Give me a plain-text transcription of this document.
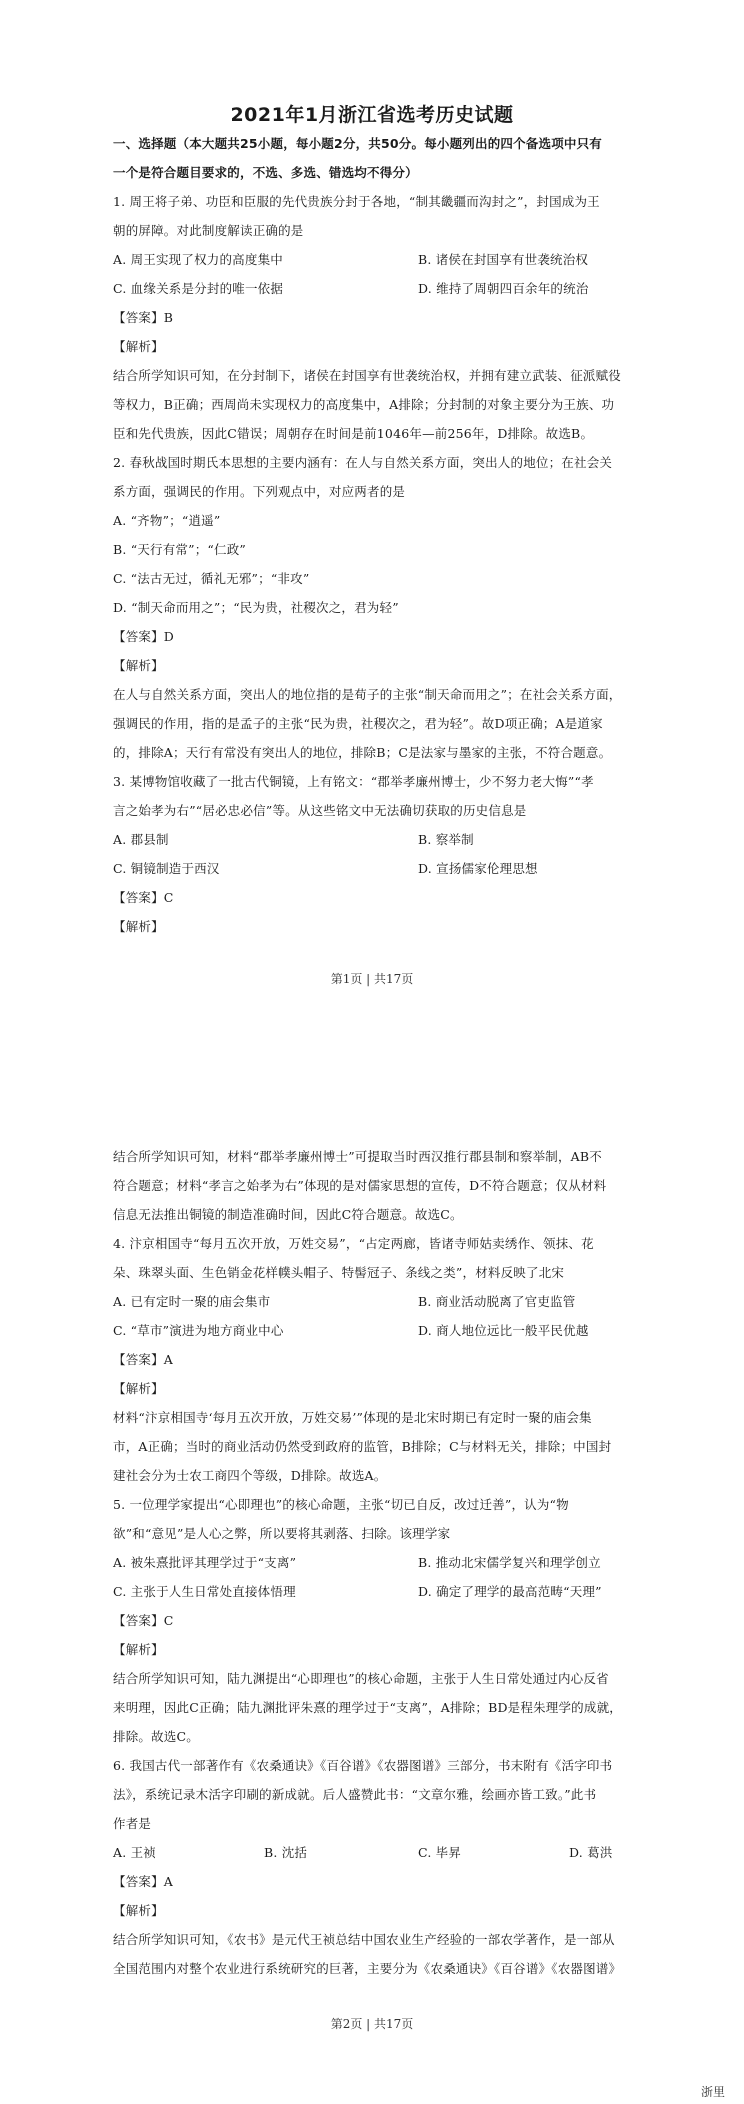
2021年1月浙江省选考历史试题
一、选择题（本大题共25小题，每小题2分，共50分。每小题列出的四个备选项中只有
一个是符合题目要求的，不选、多选、错选均不得分）
1. 周王将子弟、功臣和臣服的先代贵族分封于各地，“制其畿疆而沟封之”，封国成为王
朝的屏障。对此制度解读正确的是
A. 周王实现了权力的高度集中	B. 诸侯在封国享有世袭统治权
C. 血缘关系是分封的唯一依据	D. 维持了周朝四百余年的统治
【答案】B
【解析】
结合所学知识可知，在分封制下，诸侯在封国享有世袭统治权，并拥有建立武装、征派赋役
等权力，B正确；西周尚未实现权力的高度集中，A排除；分封制的对象主要分为王族、功
臣和先代贵族，因此C错误；周朝存在时间是前1046年—前256年，D排除。故选B。
2. 春秋战国时期氏本思想的主要内涵有：在人与自然关系方面，突出人的地位；在社会关
系方面，强调民的作用。下列观点中，对应两者的是
A. “齐物”；“逍遥”
B. “天行有常”；“仁政”
C. “法古无过，循礼无邪”；“非攻”
D. “制天命而用之”；“民为贵，社稷次之，君为轻”
【答案】D
【解析】
在人与自然关系方面，突出人的地位指的是荀子的主张“制天命而用之”；在社会关系方面，
强调民的作用，指的是孟子的主张“民为贵，社稷次之，君为轻”。故D项正确；A是道家
的，排除A；天行有常没有突出人的地位，排除B；C是法家与墨家的主张，不符合题意。
3. 某博物馆收藏了一批古代铜镜，上有铭文：“郡举孝廉州博士，少不努力老大悔”“孝
言之始孝为右”“居必忠必信”等。从这些铭文中无法确切获取的历史信息是
A. 郡县制	B. 察举制
C. 铜镜制造于西汉	D. 宣扬儒家伦理思想
【答案】C
【解析】
第1页 | 共17页
结合所学知识可知，材料“郡举孝廉州博士”可提取当时西汉推行郡县制和察举制，AB不
符合题意；材料“孝言之始孝为右”体现的是对儒家思想的宣传，D不符合题意；仅从材料
信息无法推出铜镜的制造准确时间，因此C符合题意。故选C。
4. 汴京相国寺“每月五次开放，万姓交易”，“占定两廊，皆诸寺师姑卖绣作、领抹、花
朵、珠翠头面、生色销金花样幞头帽子、特髻冠子、条线之类”，材料反映了北宋
A. 已有定时一聚的庙会集市	B. 商业活动脱离了官吏监管
C. “草市”演进为地方商业中心	D. 商人地位远比一般平民优越
【答案】A
【解析】
材料“汴京相国寺‘每月五次开放，万姓交易’”体现的是北宋时期已有定时一聚的庙会集
市，A正确；当时的商业活动仍然受到政府的监管，B排除；C与材料无关，排除；中国封
建社会分为士农工商四个等级，D排除。故选A。
5. 一位理学家提出“心即理也”的核心命题，主张“切已自反，改过迁善”，认为“物
欲”和“意见”是人心之弊，所以要将其剥落、扫除。该理学家
A. 被朱熹批评其理学过于“支离”	B. 推动北宋儒学复兴和理学创立
C. 主张于人生日常处直接体悟理	D. 确定了理学的最高范畴“天理”
【答案】C
【解析】
结合所学知识可知，陆九渊提出“心即理也”的核心命题，主张于人生日常处通过内心反省
来明理，因此C正确；陆九渊批评朱熹的理学过于“支离”，A排除；BD是程朱理学的成就，
排除。故选C。
6. 我国古代一部著作有《农桑通诀》《百谷谱》《农器图谱》三部分，书末附有《活字印书
法》，系统记录木活字印刷的新成就。后人盛赞此书：“文章尔雅，绘画亦皆工致。”此书
作者是
A. 王祯	B. 沈括	C. 毕昇	D. 葛洪
【答案】A
【解析】
结合所学知识可知，《农书》是元代王祯总结中国农业生产经验的一部农学著作，是一部从
全国范围内对整个农业进行系统研究的巨著，主要分为《农桑通诀》《百谷谱》《农器图谱》
第2页 | 共17页
浙里
